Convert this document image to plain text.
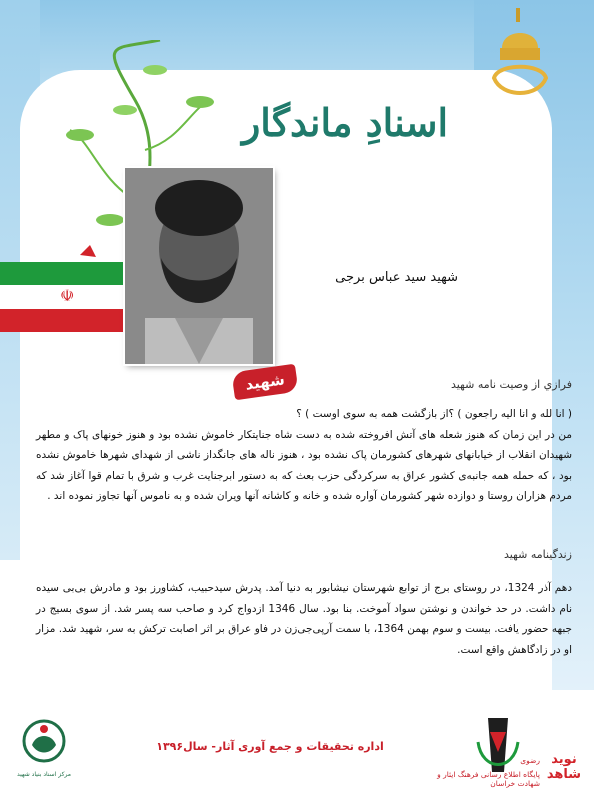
☫
اسنادِ ماندگار
شهید سید عباس برجی
شهید	فرازي از وصيت نامه شهيد
( انا لله و انا اليه راجعون ) ؟از بازگشت همه به سوی اوست ) ؟
من در این زمان که هنوز شعله های آتش افروخته شده به دست شاه جنایتکار خاموش نشده بود و هنوز خونهای پاک و مطهر شهیدان انقلاب از خیابانهای شهرهای کشورمان پاک نشده بود ، هنوز ناله های جانگداز ناشی از شهدای شهرها خاموش نشده بود ، که حمله همه جانبه‌ی کشور عراق به سرکردگی حزب بعث که به دستور ابرجنایت غرب و شرق با تمام قوا آغاز شد که مردم هزاران روستا و دوازده شهر کشورمان آواره شده و خانه و کاشانه آنها ویران شده و به ناموس آنها تجاوز نموده اند .
زندگينامه شهيد
دهم آذر 1324، در روستای برج از توابع شهرستان نیشابور به دنیا آمد. پدرش سیدحبیب، کشاورز بود و مادرش بی‌بی سیده نام داشت. در حد خواندن و نوشتن سواد آموخت. بنا بود. سال 1346 ازدواج کرد و صاحب سه پسر شد. از سوی بسیج در جبهه حضور یافت. بیست و سوم بهمن 1364، با سمت آرپی‌جی‌زن در فاو عراق بر اثر اصابت ترکش به سر، شهید شد. مزار او در زادگاهش واقع است.
مرکز اسناد بنیاد شهید
اداره تحقیقات و جمع آوری آثار- سال۱۳۹۶
نوید شاهد
رضوی
پایگاه اطلاع رسانی فرهنگ ایثار و شهادت خراسان
